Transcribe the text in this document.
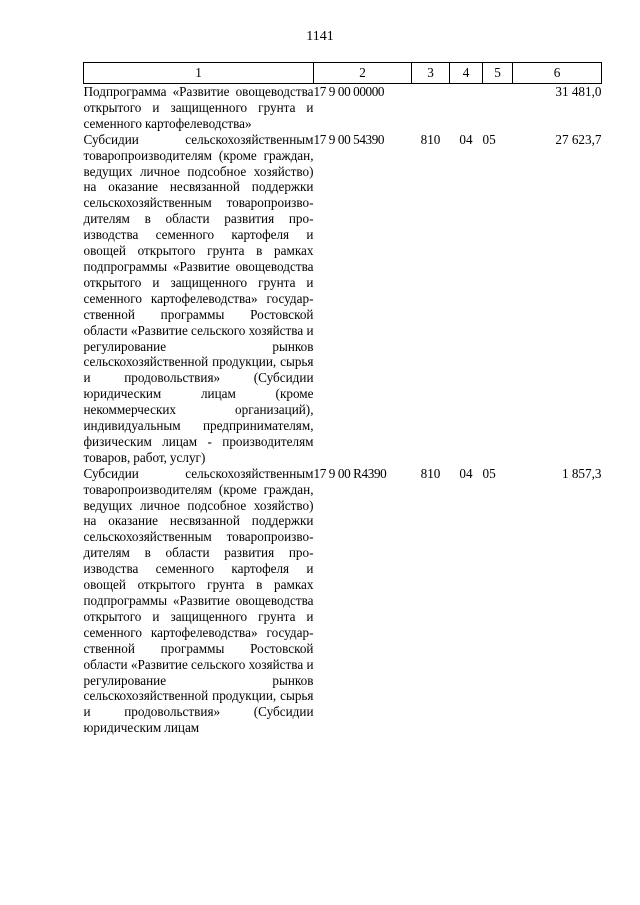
1141
1	2	3	4	5	6
Подпрограмма «Развитие овощеводства открытого и защищенного грунта и семенного картофелеводства»	17 9 00 00000				31 481,0
Субсидии сельскохозяйственным товаропроизводителям (кроме граждан, ведущих личное подсобное хозяйство) на оказание несвязанной поддержки сельскохозяйственным товаропроизводителям в области развития производства семенного картофеля и овощей открытого грунта в рамках подпрограммы «Развитие овощеводства открытого и защищенного грунта и семенного картофелеводства» государственной программы Ростовской области «Развитие сельского хозяйства и регулирование рынков сельскохозяйственной продукции, сырья и продовольствия» (Субсидии юридическим лицам (кроме некоммерческих организаций), индивидуальным предпринимателям, физическим лицам - производителям товаров, работ, услуг)	17 9 00 54390	810	04	05	27 623,7
Субсидии сельскохозяйственным товаропроизводителям (кроме граждан, ведущих личное подсобное хозяйство) на оказание несвязанной поддержки сельскохозяйственным товаропроизводителям в области развития производства семенного картофеля и овощей открытого грунта в рамках подпрограммы «Развитие овощеводства открытого и защищенного грунта и семенного картофелеводства» государственной программы Ростовской области «Развитие сельского хозяйства и регулирование рынков сельскохозяйственной продукции, сырья и продовольствия» (Субсидии юридическим лицам	17 9 00 R4390	810	04	05	1 857,3
